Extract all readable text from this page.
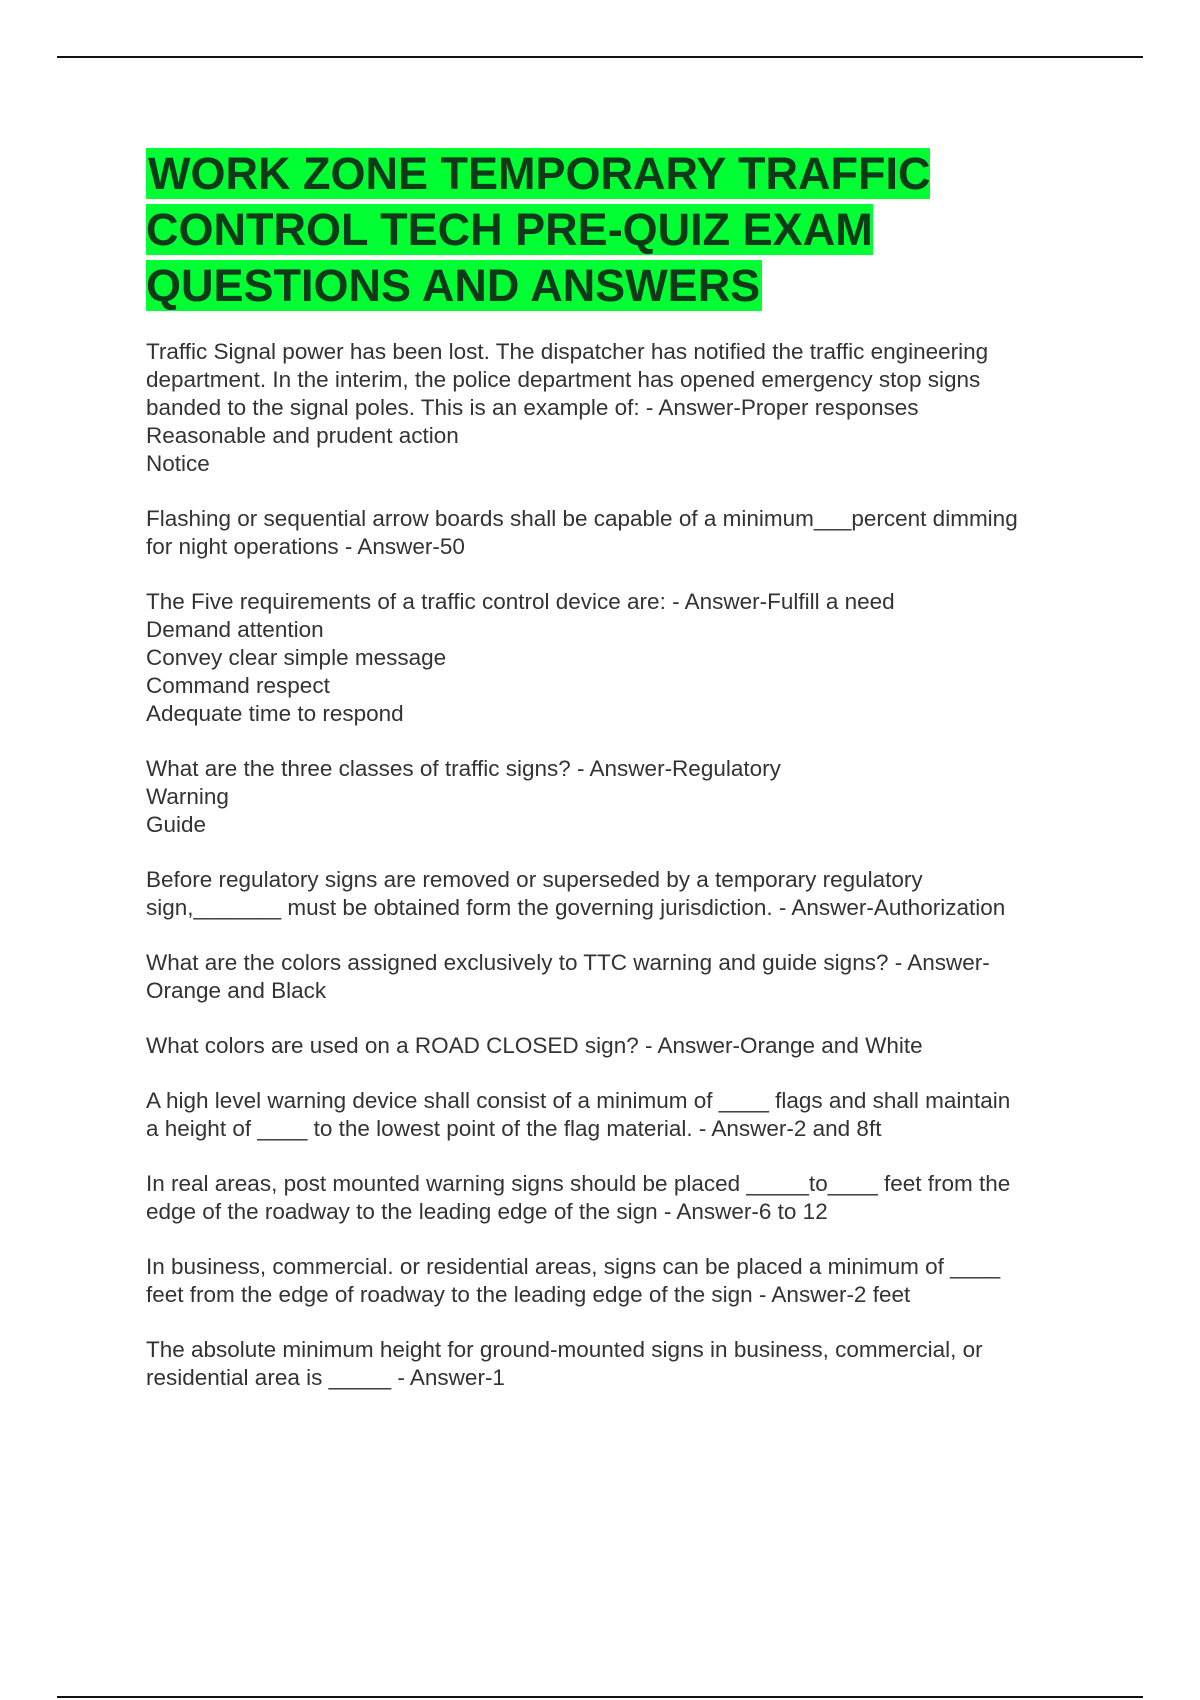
WORK ZONE TEMPORARY TRAFFIC
CONTROL TECH PRE-QUIZ EXAM
QUESTIONS AND ANSWERS

Traffic Signal power has been lost. The dispatcher has notified the traffic engineering
department. In the interim, the police department has opened emergency stop signs
banded to the signal poles. This is an example of: - Answer-Proper responses
Reasonable and prudent action
Notice

Flashing or sequential arrow boards shall be capable of a minimum___percent dimming
for night operations - Answer-50

The Five requirements of a traffic control device are: - Answer-Fulfill a need
Demand attention
Convey clear simple message
Command respect
Adequate time to respond

What are the three classes of traffic signs? - Answer-Regulatory
Warning
Guide

Before regulatory signs are removed or superseded by a temporary regulatory
sign,_______ must be obtained form the governing jurisdiction. - Answer-Authorization

What are the colors assigned exclusively to TTC warning and guide signs? - Answer-
Orange and Black

What colors are used on a ROAD CLOSED sign? - Answer-Orange and White

A high level warning device shall consist of a minimum of ____ flags and shall maintain
a height of ____ to the lowest point of the flag material. - Answer-2 and 8ft

In real areas, post mounted warning signs should be placed _____to____ feet from the
edge of the roadway to the leading edge of the sign - Answer-6 to 12

In business, commercial. or residential areas, signs can be placed a minimum of ____
feet from the edge of roadway to the leading edge of the sign - Answer-2 feet

The absolute minimum height for ground-mounted signs in business, commercial, or
residential area is _____ - Answer-1
